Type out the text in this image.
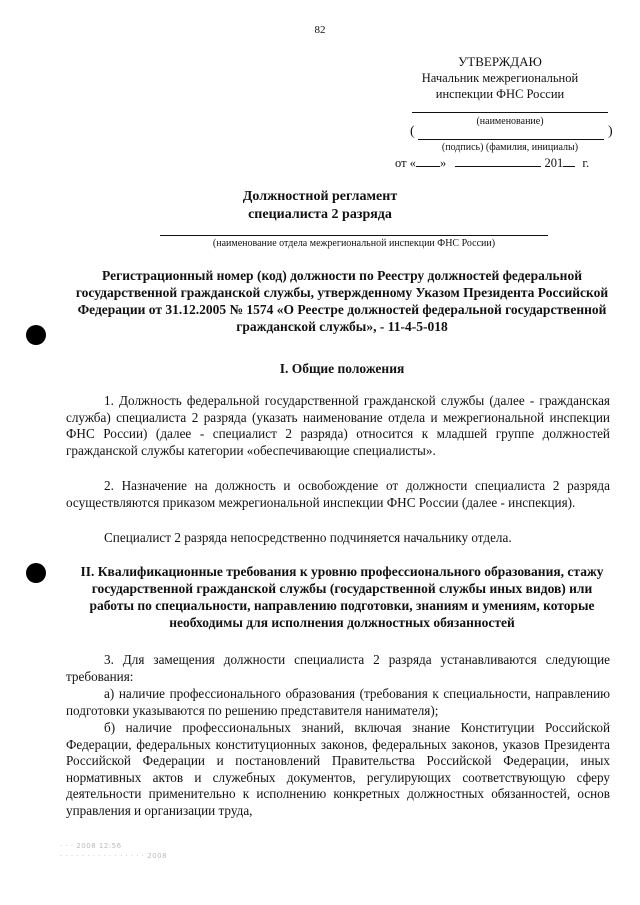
82
УТВЕРЖДАЮ
Начальник межрегиональной
инспекции ФНС России
(наименование)
(	)
(подпись) (фамилия, инициалы)
от « »	201 г.
Должностной регламент
специалиста 2 разряда
(наименование отдела межрегиональной инспекции ФНС России)
Регистрационный номер (код) должности по Реестру должностей федеральной государственной гражданской службы, утвержденному Указом Президента Российской Федерации от 31.12.2005 № 1574 «О Реестре должностей федеральной государственной гражданской службы», - 11-4-5-018
I. Общие положения

1. Должность федеральной государственной гражданской службы (далее - гражданская служба) специалиста 2 разряда (указать наименование отдела и межрегиональной инспекции ФНС России) (далее - специалист 2 разряда) относится к младшей группе должностей гражданской службы категории «обеспечивающие специалисты».

2. Назначение на должность и освобождение от должности специалиста 2 разряда осуществляются приказом межрегиональной инспекции ФНС России (далее - инспекция).

Специалист 2 разряда непосредственно подчиняется начальнику отдела.

II. Квалификационные требования к уровню профессионального образования, стажу государственной гражданской службы (государственной службы иных видов) или работы по специальности, направлению подготовки, знаниям и умениям, которые необходимы для исполнения должностных обязанностей

3. Для замещения должности специалиста 2 разряда устанавливаются следующие требования:

а) наличие профессионального образования (требования к специальности, направлению подготовки указываются по решению представителя нанимателя);

б) наличие профессиональных знаний, включая знание Конституции Российской Федерации, федеральных конституционных законов, федеральных законов, указов Президента Российской Федерации и постановлений Правительства Российской Федерации, иных нормативных актов и служебных документов, регулирующих соответствующую сферу деятельности применительно к исполнению конкретных должностных обязанностей, основ управления и организации труда,

· · · 2008 12:56
· · · · · · · · · · · · · · · · 2008
